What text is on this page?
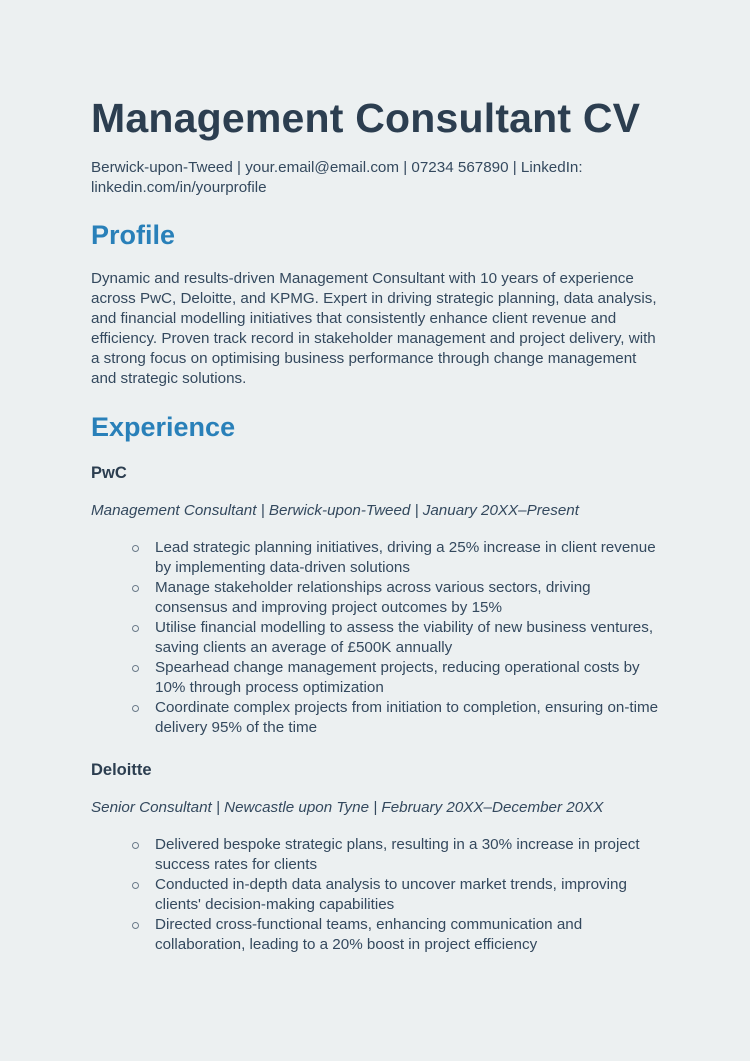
Management Consultant CV

Berwick-upon-Tweed | your.email@email.com | 07234 567890 | LinkedIn: linkedin.com/in/yourprofile

Profile

Dynamic and results-driven Management Consultant with 10 years of experience across PwC, Deloitte, and KPMG. Expert in driving strategic planning, data analysis, and financial modelling initiatives that consistently enhance client revenue and efficiency. Proven track record in stakeholder management and project delivery, with a strong focus on optimising business performance through change management and strategic solutions.

Experience
PwC

Management Consultant | Berwick-upon-Tweed | January 20XX–Present

Lead strategic planning initiatives, driving a 25% increase in client revenue by implementing data-driven solutions
Manage stakeholder relationships across various sectors, driving consensus and improving project outcomes by 15%
Utilise financial modelling to assess the viability of new business ventures, saving clients an average of £500K annually
Spearhead change management projects, reducing operational costs by 10% through process optimization
Coordinate complex projects from initiation to completion, ensuring on-time delivery 95% of the time
Deloitte

Senior Consultant | Newcastle upon Tyne | February 20XX–December 20XX

Delivered bespoke strategic plans, resulting in a 30% increase in project success rates for clients
Conducted in-depth data analysis to uncover market trends, improving clients' decision-making capabilities
Directed cross-functional teams, enhancing communication and collaboration, leading to a 20% boost in project efficiency
